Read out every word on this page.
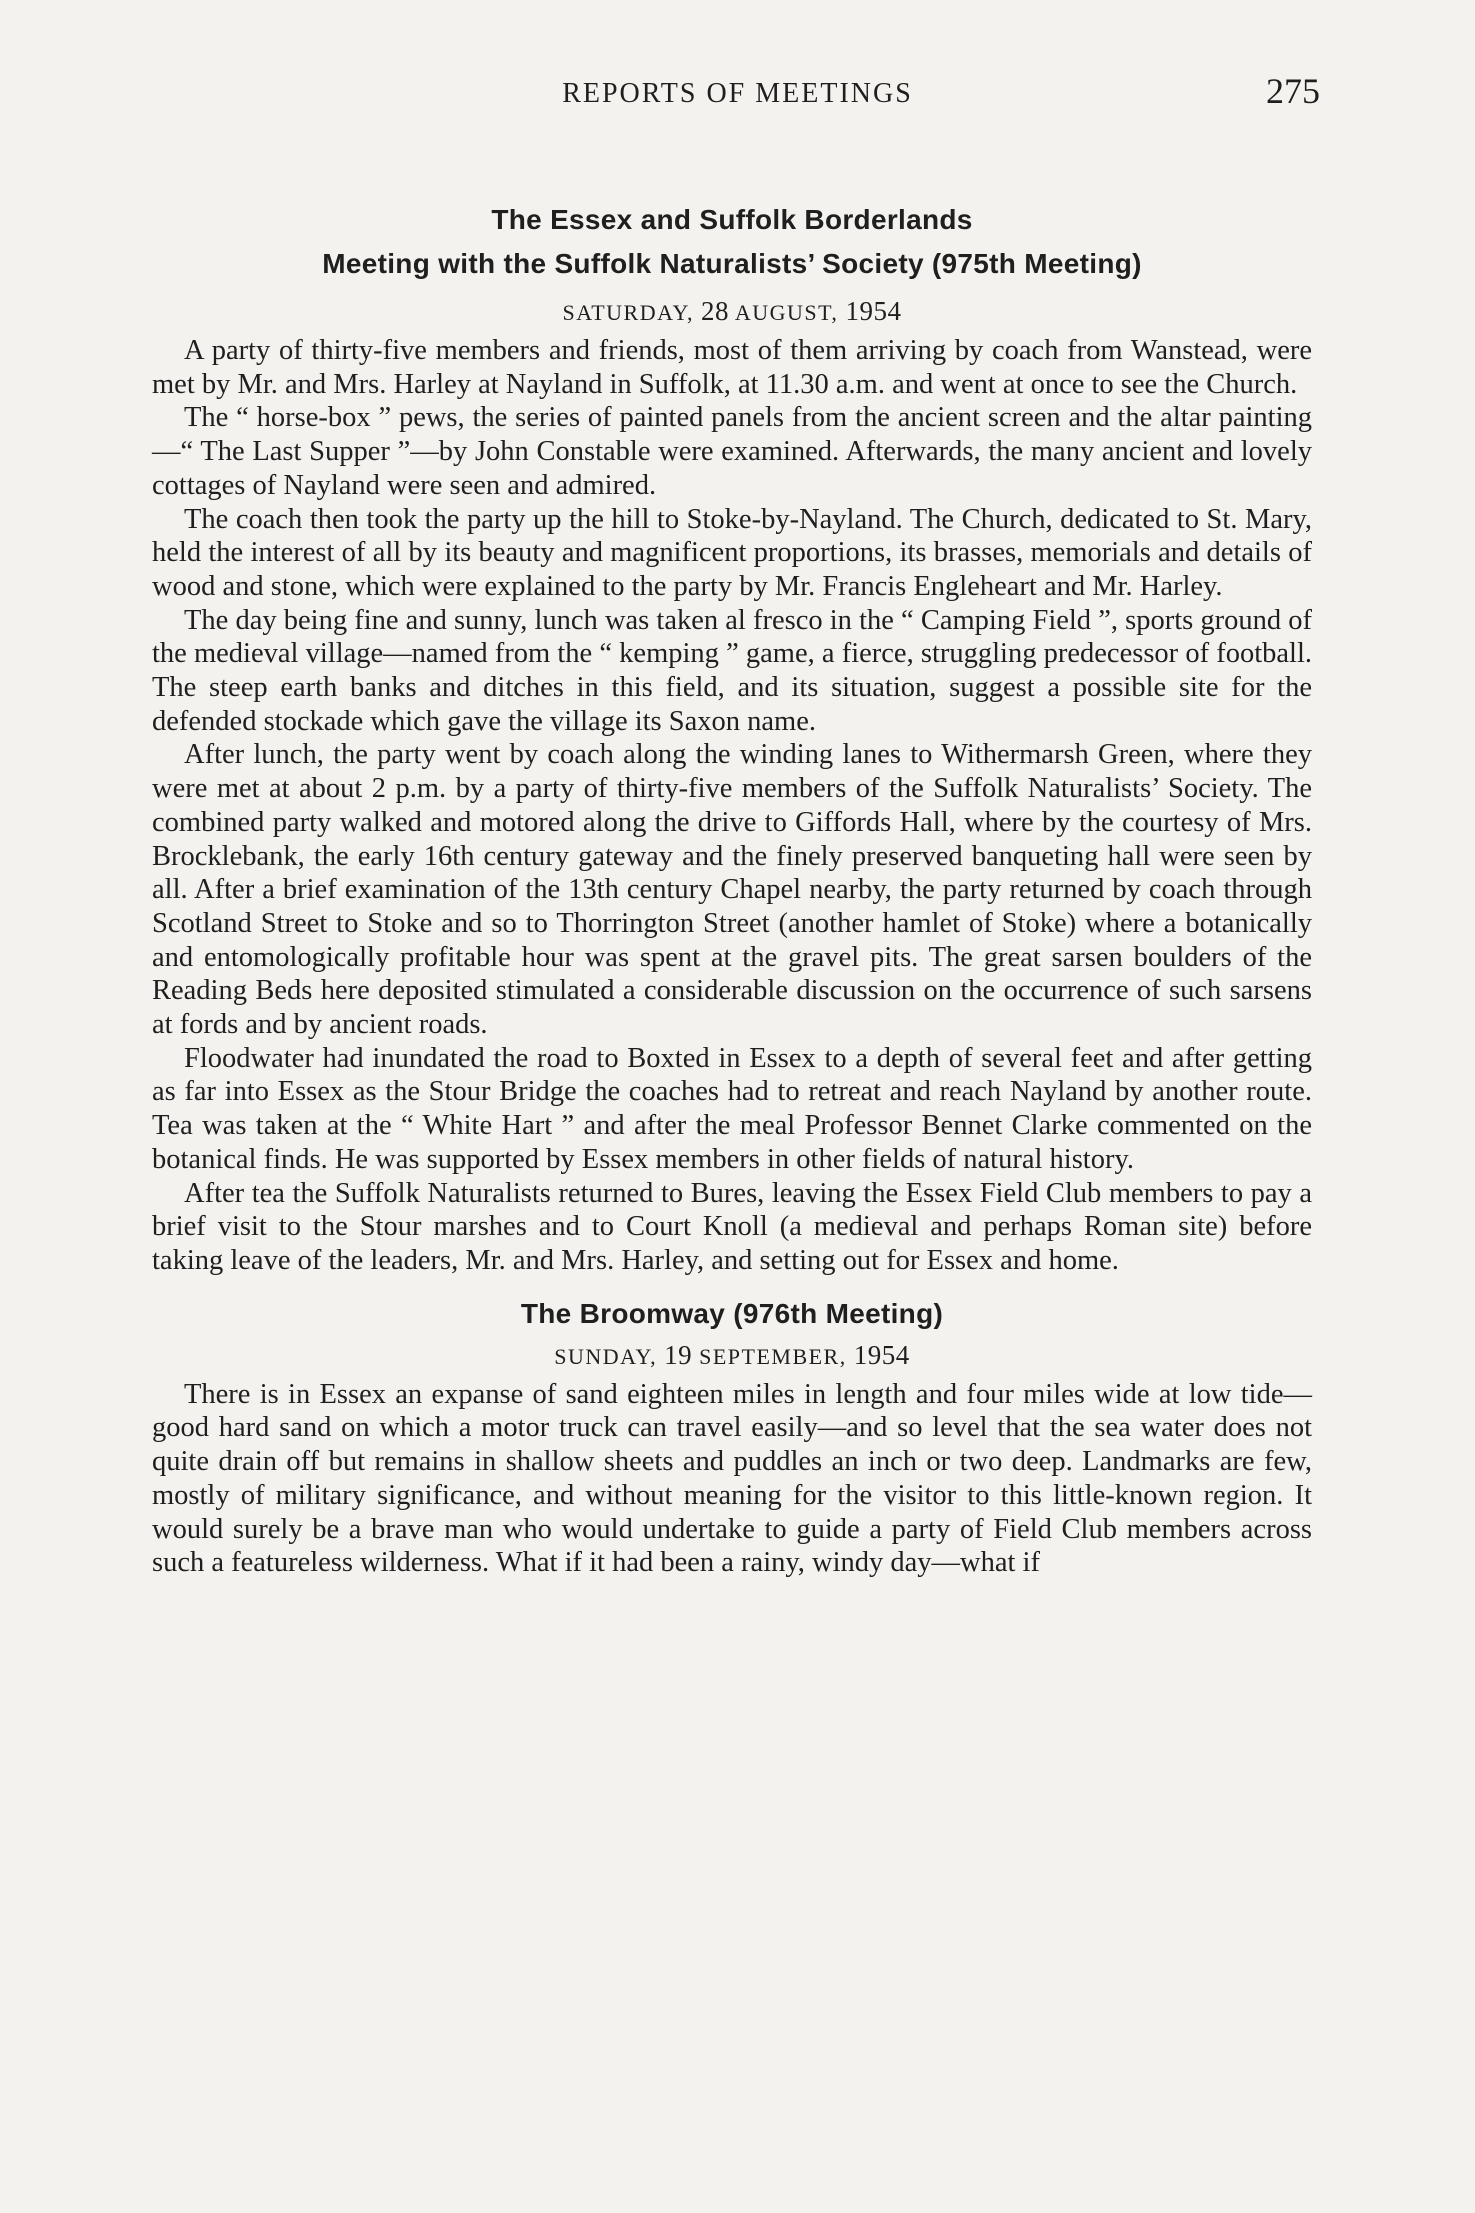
REPORTS OF MEETINGS	275
The Essex and Suffolk Borderlands
Meeting with the Suffolk Naturalists’ Society (975th Meeting)
SATURDAY, 28 AUGUST, 1954

A party of thirty-five members and friends, most of them arriving by coach from Wanstead, were met by Mr. and Mrs. Harley at Nayland in Suffolk, at 11.30 a.m. and went at once to see the Church.

The “ horse-box ” pews, the series of painted panels from the ancient screen and the altar painting—“ The Last Supper ”—by John Constable were examined. Afterwards, the many ancient and lovely cottages of Nayland were seen and admired.

The coach then took the party up the hill to Stoke-by-Nayland. The Church, dedicated to St. Mary, held the interest of all by its beauty and magnificent proportions, its brasses, memorials and details of wood and stone, which were explained to the party by Mr. Francis Engleheart and Mr. Harley.

The day being fine and sunny, lunch was taken al fresco in the “ Camping Field ”, sports ground of the medieval village—named from the “ kemping ” game, a fierce, struggling predecessor of football. The steep earth banks and ditches in this field, and its situation, suggest a possible site for the defended stockade which gave the village its Saxon name.

After lunch, the party went by coach along the winding lanes to Withermarsh Green, where they were met at about 2 p.m. by a party of thirty-five members of the Suffolk Naturalists’ Society. The combined party walked and motored along the drive to Giffords Hall, where by the courtesy of Mrs. Brocklebank, the early 16th century gateway and the finely preserved banqueting hall were seen by all. After a brief examination of the 13th century Chapel nearby, the party returned by coach through Scotland Street to Stoke and so to Thorrington Street (another hamlet of Stoke) where a botanically and entomologically profitable hour was spent at the gravel pits. The great sarsen boulders of the Reading Beds here deposited stimulated a considerable discussion on the occurrence of such sarsens at fords and by ancient roads.

Floodwater had inundated the road to Boxted in Essex to a depth of several feet and after getting as far into Essex as the Stour Bridge the coaches had to retreat and reach Nayland by another route. Tea was taken at the “ White Hart ” and after the meal Professor Bennet Clarke commented on the botanical finds. He was supported by Essex members in other fields of natural history.

After tea the Suffolk Naturalists returned to Bures, leaving the Essex Field Club members to pay a brief visit to the Stour marshes and to Court Knoll (a medieval and perhaps Roman site) before taking leave of the leaders, Mr. and Mrs. Harley, and setting out for Essex and home.

The Broomway (976th Meeting)
SUNDAY, 19 SEPTEMBER, 1954

There is in Essex an expanse of sand eighteen miles in length and four miles wide at low tide—good hard sand on which a motor truck can travel easily—and so level that the sea water does not quite drain off but remains in shallow sheets and puddles an inch or two deep. Landmarks are few, mostly of military significance, and without meaning for the visitor to this little-known region. It would surely be a brave man who would undertake to guide a party of Field Club members across such a featureless wilderness. What if it had been a rainy, windy day—what if
